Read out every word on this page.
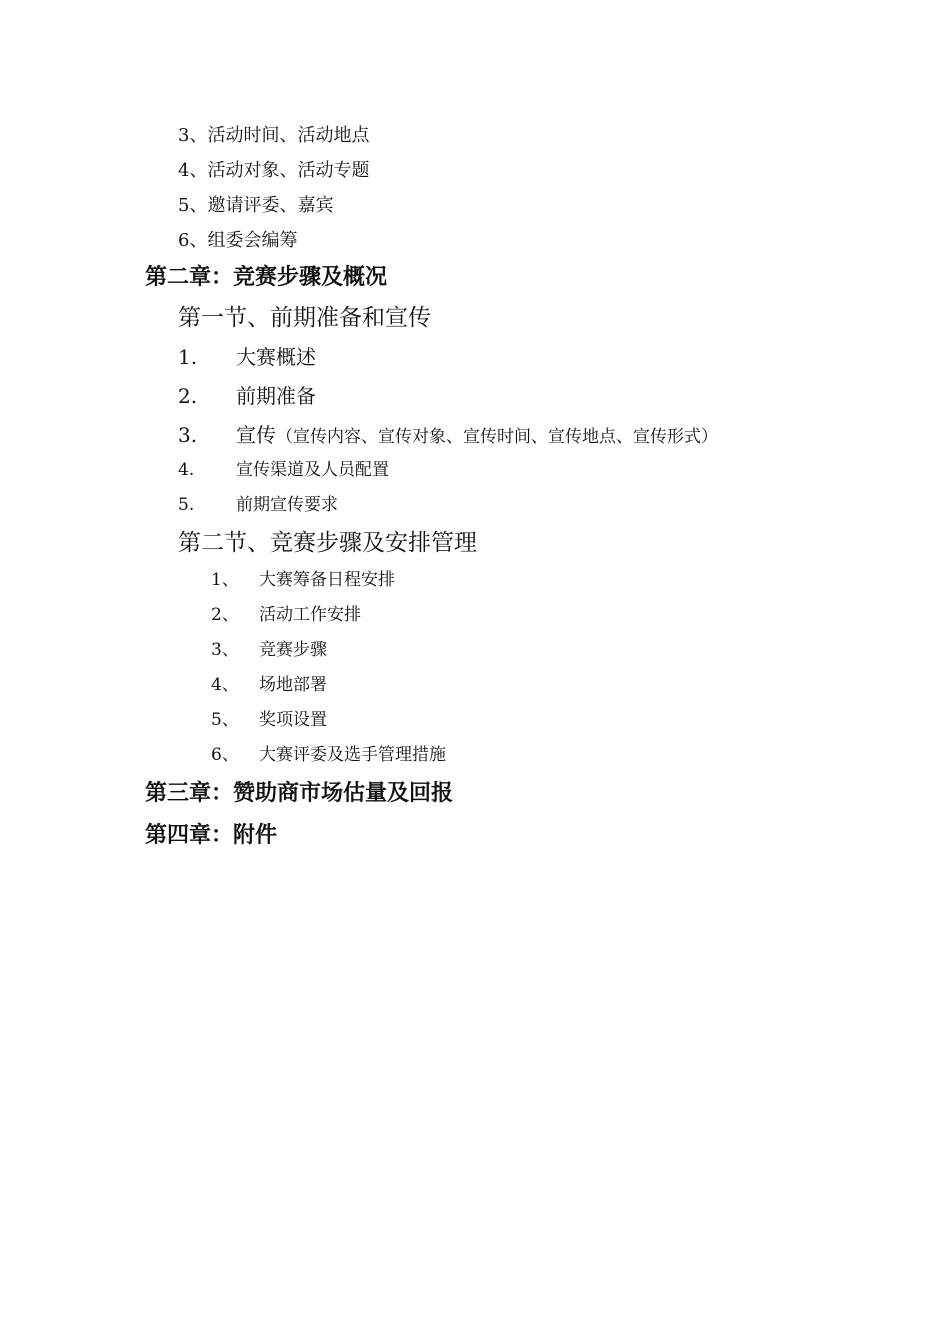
3、活动时间、活动地点
4、活动对象、活动专题
5、邀请评委、嘉宾
6、组委会编筹
第二章：竞赛步骤及概况
第一节、前期准备和宣传
1. 大赛概述
2. 前期准备
3. 宣传（宣传内容、宣传对象、宣传时间、宣传地点、宣传形式）
4. 宣传渠道及人员配置
5. 前期宣传要求
第二节、竞赛步骤及安排管理
1、 大赛筹备日程安排
2、 活动工作安排
3、 竞赛步骤
4、 场地部署
5、 奖项设置
6、 大赛评委及选手管理措施
第三章：赞助商市场估量及回报
第四章：附件
